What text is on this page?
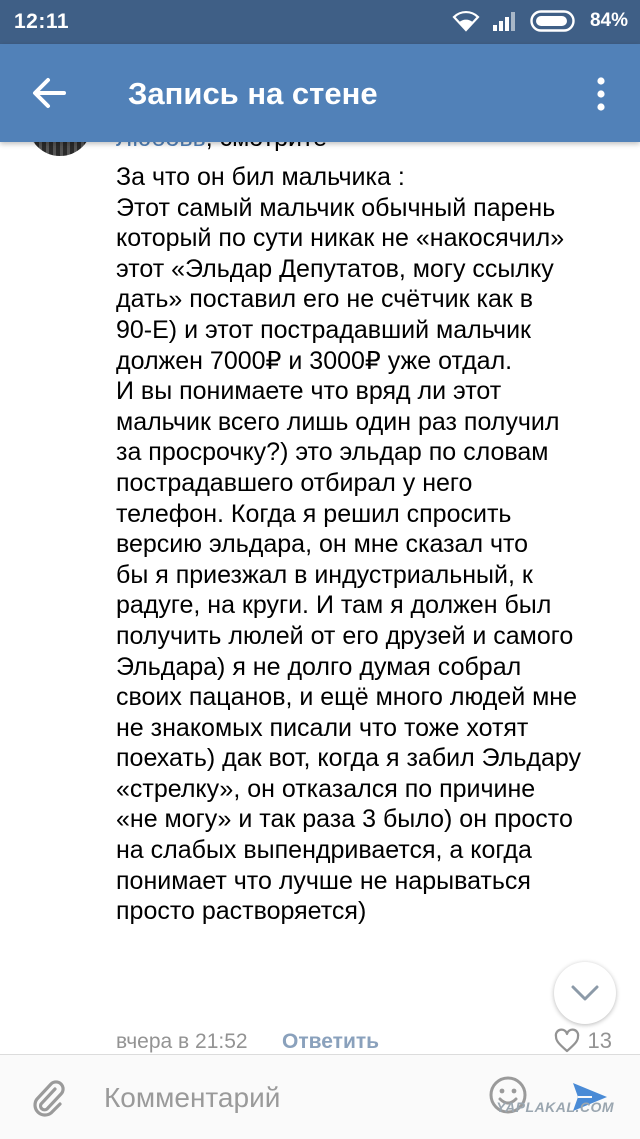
12:11	84%
Запись на стене
За что он бил мальчика :
Этот самый мальчик обычный парень
который по сути никак не «накосячил»
этот «Эльдар Депутатов, могу ссылку
дать» поставил его не счётчик как в
90-Е) и этот пострадавший мальчик
должен 7000₽ и 3000₽ уже отдал.
И вы понимаете что вряд ли этот
мальчик всего лишь один раз получил
за просрочку?) это эльдар по словам
пострадавшего отбирал у него
телефон. Когда я решил спросить
версию эльдара, он мне сказал что
бы я приезжал в индустриальный, к
радуге, на круги. И там я должен был
получить люлей от его друзей и самого
Эльдара) я не долго думая собрал
своих пацанов, и ещё много людей мне
не знакомых писали что тоже хотят
поехать) дак вот, когда я забил Эльдару
«стрелку», он отказался по причине
«не могу» и так раза 3 было) он просто
на слабых выпендривается, а когда
понимает что лучше не нарываться
просто растворяется)
вчера в 21:52 Ответить	13
Комментарий
YAPLAKAL.COM
